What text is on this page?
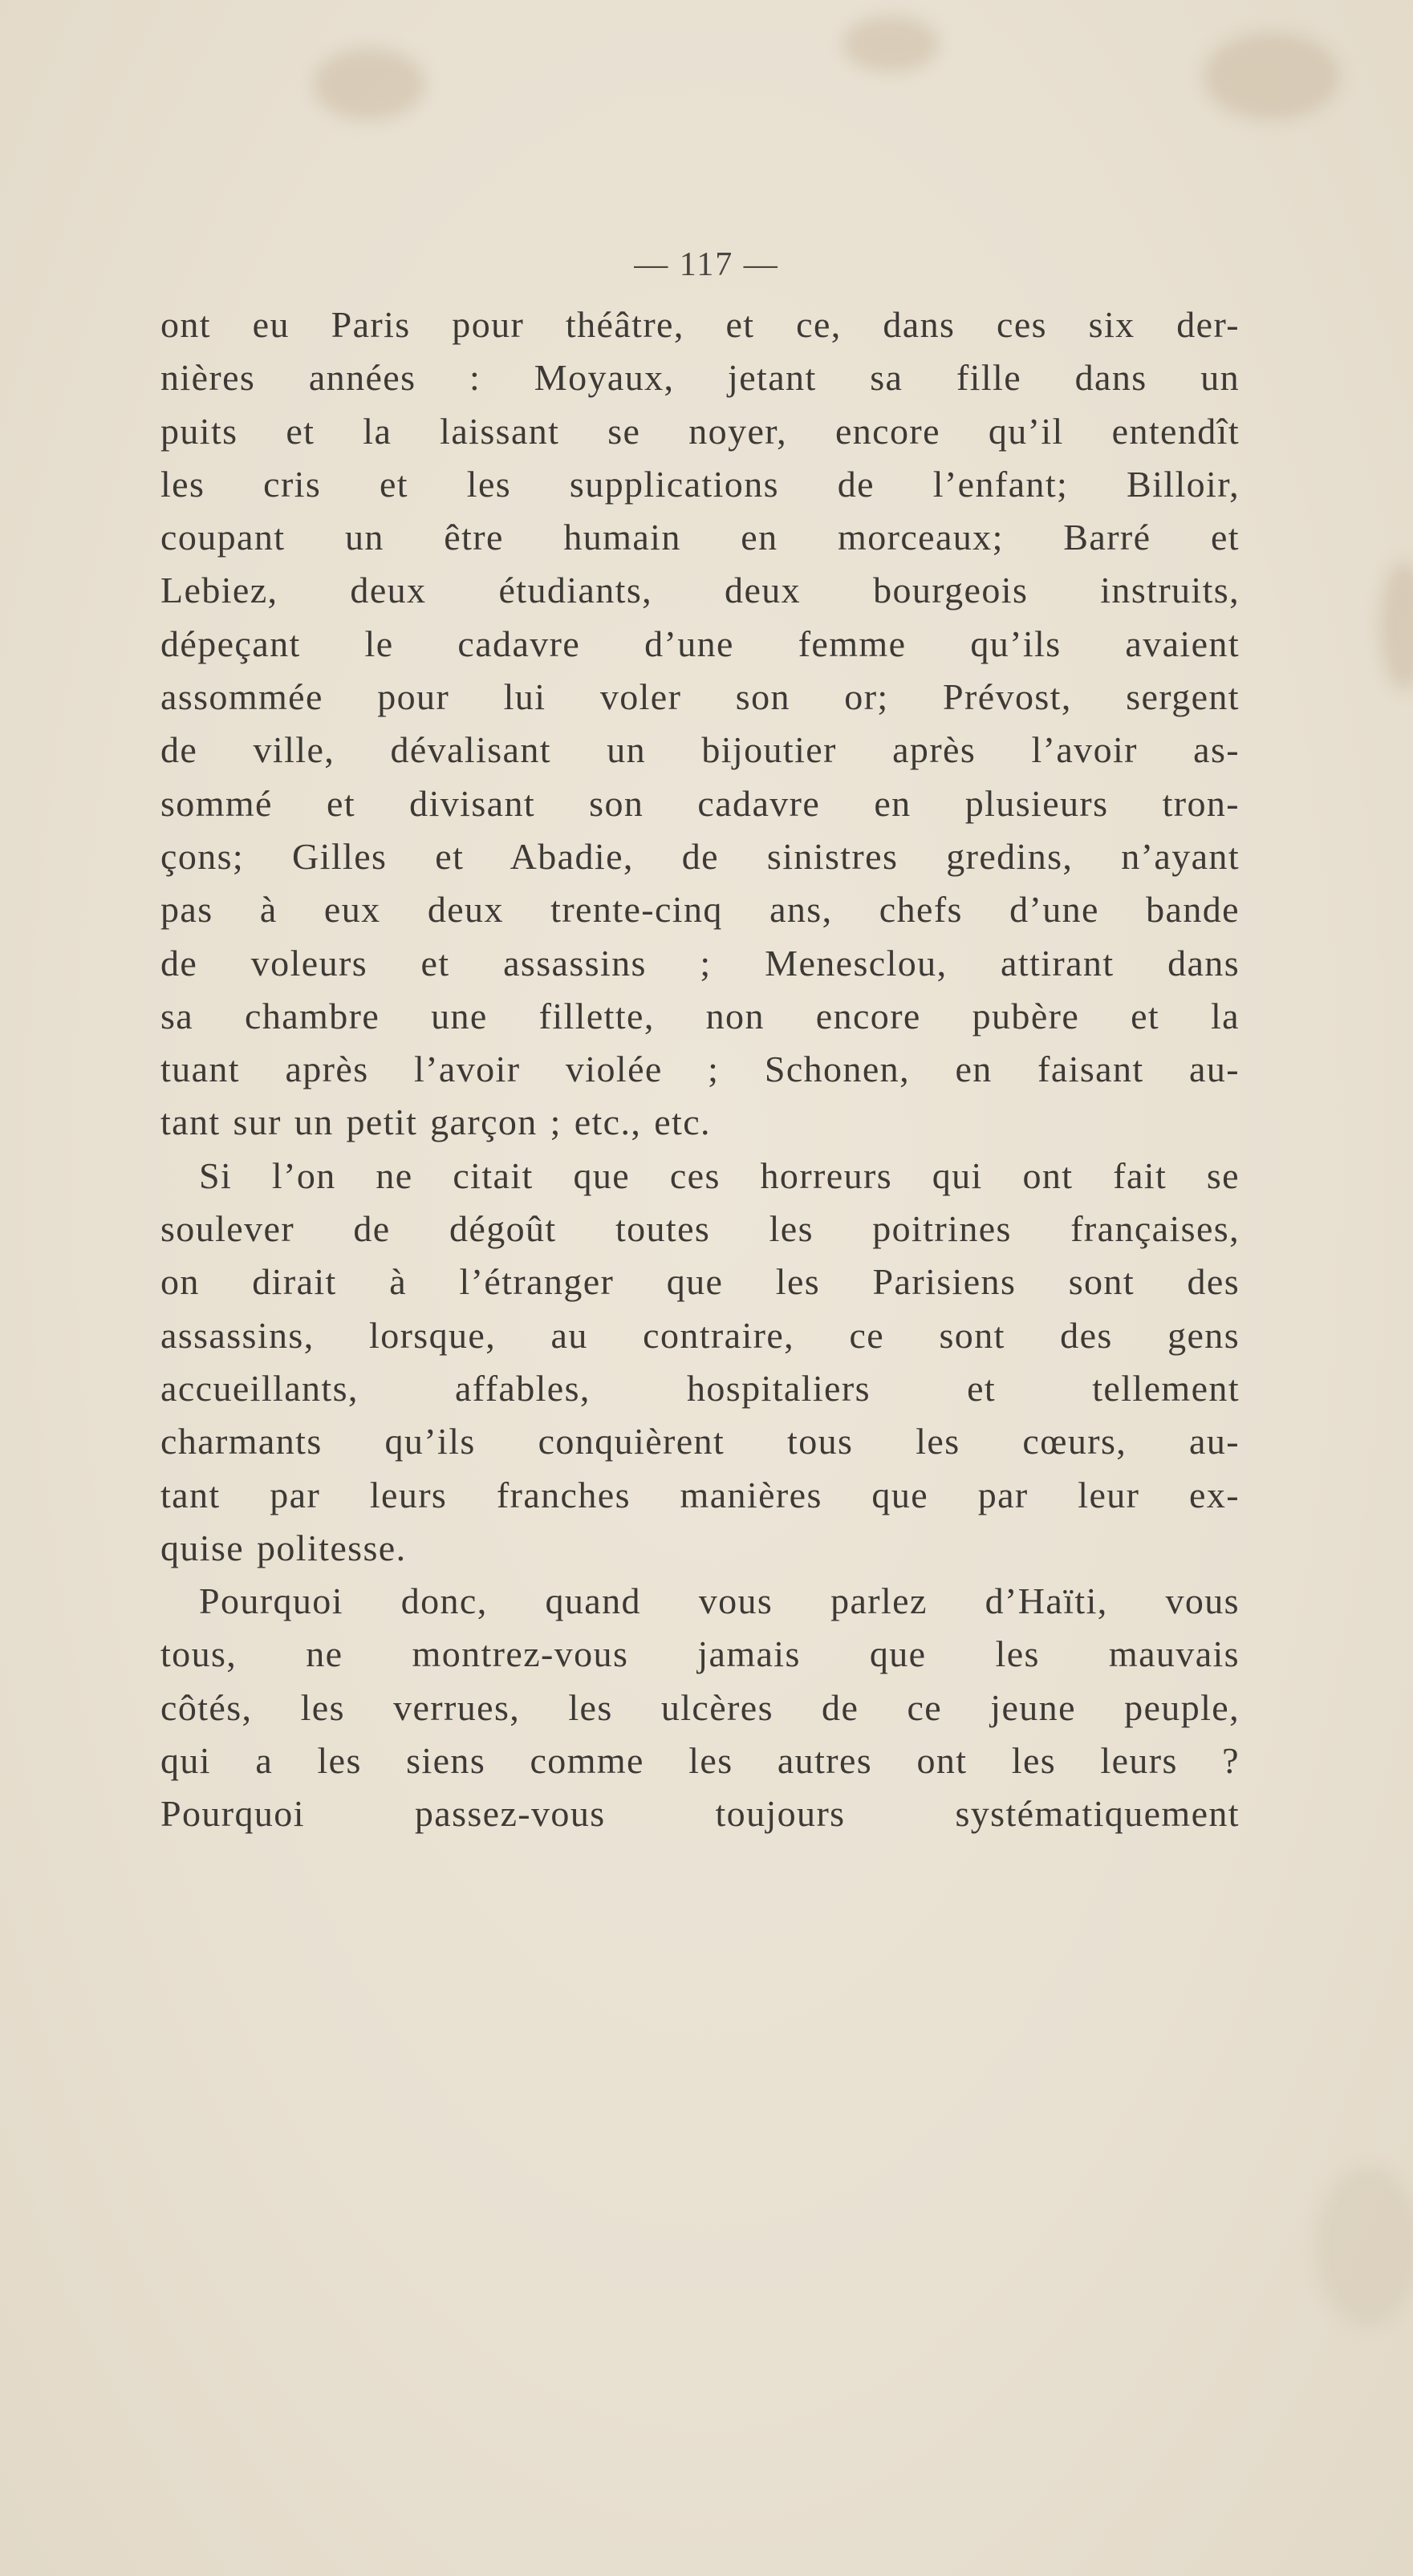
— 117 —
ont eu Paris pour théâtre, et ce, dans ces six der-
nières années : Moyaux, jetant sa fille dans un
puits et la laissant se noyer, encore qu’il entendît
les cris et les supplications de l’enfant; Billoir,
coupant un être humain en morceaux; Barré et
Lebiez, deux étudiants, deux bourgeois instruits,
dépeçant le cadavre d’une femme qu’ils avaient
assommée pour lui voler son or; Prévost, sergent
de ville, dévalisant un bijoutier après l’avoir as-
sommé et divisant son cadavre en plusieurs tron-
çons; Gilles et Abadie, de sinistres gredins, n’ayant
pas à eux deux trente-cinq ans, chefs d’une bande
de voleurs et assassins ; Menesclou, attirant dans
sa chambre une fillette, non encore pubère et la
tuant après l’avoir violée ; Schonen, en faisant au-
tant sur un petit garçon ; etc., etc.
Si l’on ne citait que ces horreurs qui ont fait se
soulever de dégoût toutes les poitrines françaises,
on dirait à l’étranger que les Parisiens sont des
assassins, lorsque, au contraire, ce sont des gens
accueillants, affables, hospitaliers et tellement
charmants qu’ils conquièrent tous les cœurs, au-
tant par leurs franches manières que par leur ex-
quise politesse.
Pourquoi donc, quand vous parlez d’Haïti, vous
tous, ne montrez-vous jamais que les mauvais
côtés, les verrues, les ulcères de ce jeune peuple,
qui a les siens comme les autres ont les leurs ?
Pourquoi passez-vous toujours systématiquement
